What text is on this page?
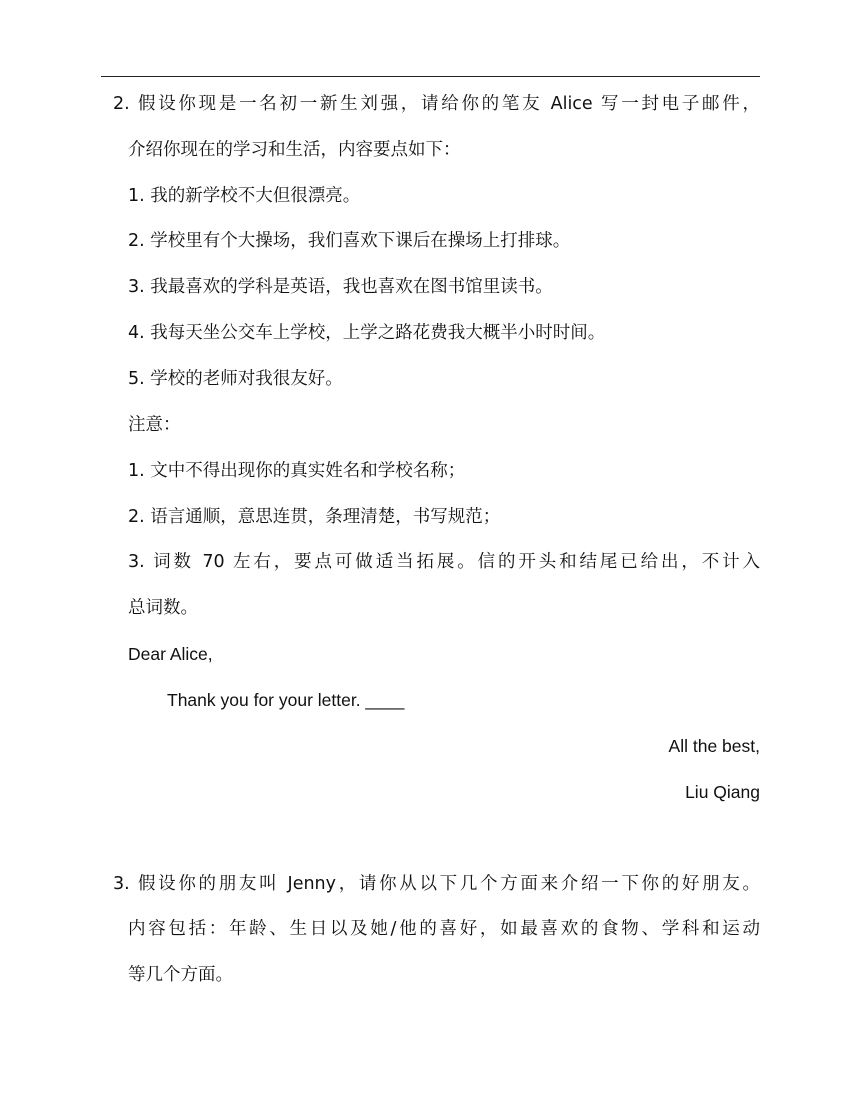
2. 假设你现是一名初一新生刘强，请给你的笔友 Alice 写一封电子邮件，
介绍你现在的学习和生活，内容要点如下：
1. 我的新学校不大但很漂亮。
2. 学校里有个大操场，我们喜欢下课后在操场上打排球。
3. 我最喜欢的学科是英语，我也喜欢在图书馆里读书。
4. 我每天坐公交车上学校，上学之路花费我大概半小时时间。
5. 学校的老师对我很友好。
注意：
1. 文中不得出现你的真实姓名和学校名称；
2. 语言通顺，意思连贯，条理清楚，书写规范；
3. 词数 70 左右，要点可做适当拓展。信的开头和结尾已给出，不计入
总词数。
Dear Alice,
Thank you for your letter. ____
All the best,
Liu Qiang
3. 假设你的朋友叫 Jenny，请你从以下几个方面来介绍一下你的好朋友。
内容包括：年龄、生日以及她/他的喜好，如最喜欢的食物、学科和运动
等几个方面。
